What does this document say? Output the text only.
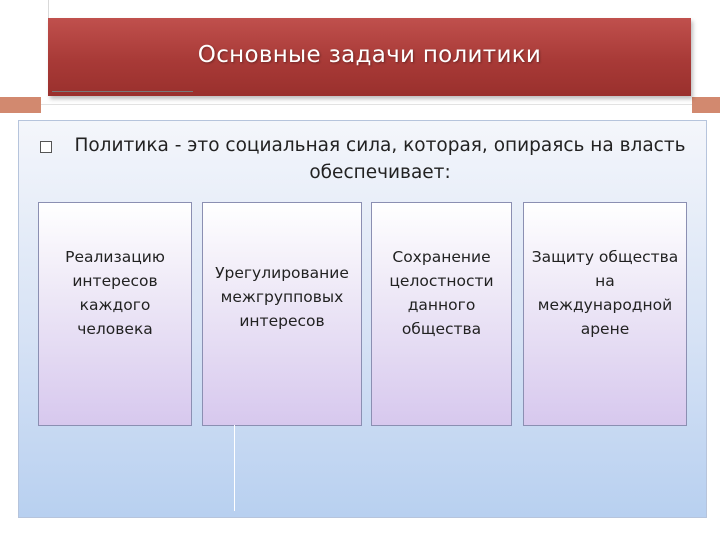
Основные задачи политики
Политика - это социальная сила, которая, опираясь на власть обеспечивает:
Реализацию интересов каждого человека
Урегулирование межгрупповых интересов
Сохранение целостности данного общества
Защиту общества на международной арене
